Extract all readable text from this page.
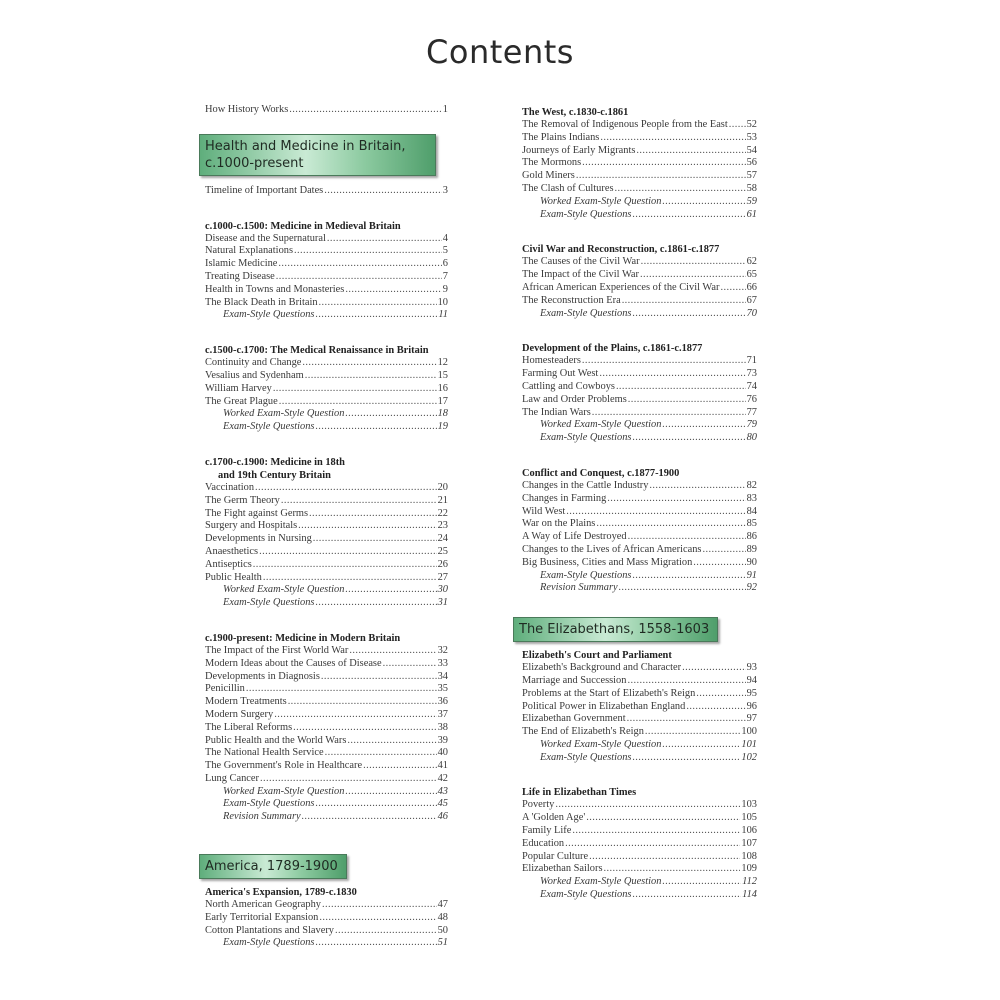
Contents
How History Works .....	1
Health and Medicine in Britain, c.1000-present
Timeline of Important Dates .....	3
c.1000-c.1500: Medicine in Medieval Britain
Disease and the Supernatural .....	4
Natural Explanations .....	5
Islamic Medicine .....	6
Treating Disease .....	7
Health in Towns and Monasteries .....	9
The Black Death in Britain .....	10
Exam-Style Questions .....	11
c.1500-c.1700: The Medical Renaissance in Britain
Continuity and Change .....	12
Vesalius and Sydenham .....	15
William Harvey .....	16
The Great Plague .....	17
Worked Exam-Style Question .....	18
Exam-Style Questions .....	19
c.1700-c.1900: Medicine in 18th
and 19th Century Britain
Vaccination .....	20
The Germ Theory .....	21
The Fight against Germs .....	22
Surgery and Hospitals .....	23
Developments in Nursing .....	24
Anaesthetics .....	25
Antiseptics .....	26
Public Health .....	27
Worked Exam-Style Question .....	30
Exam-Style Questions .....	31
c.1900-present: Medicine in Modern Britain
The Impact of the First World War .....	32
Modern Ideas about the Causes of Disease .....	33
Developments in Diagnosis .....	34
Penicillin .....	35
Modern Treatments .....	36
Modern Surgery .....	37
The Liberal Reforms .....	38
Public Health and the World Wars .....	39
The National Health Service .....	40
The Government's Role in Healthcare .....	41
Lung Cancer .....	42
Worked Exam-Style Question .....	43
Exam-Style Questions .....	45
Revision Summary .....	46
America, 1789-1900
America's Expansion, 1789-c.1830
North American Geography .....	47
Early Territorial Expansion .....	48
Cotton Plantations and Slavery .....	50
Exam-Style Questions .....	51
The West, c.1830-c.1861
The Removal of Indigenous People from the East ..... 52
The Plains Indians .....	53
Journeys of Early Migrants .....	54
The Mormons .....	56
Gold Miners .....	57
The Clash of Cultures .....	58
Worked Exam-Style Question .....	59
Exam-Style Questions .....	61
Civil War and Reconstruction, c.1861-c.1877
The Causes of the Civil War .....	62
The Impact of the Civil War .....	65
African American Experiences of the Civil War .....	66
The Reconstruction Era .....	67
Exam-Style Questions .....	70
Development of the Plains, c.1861-c.1877
Homesteaders .....	71
Farming Out West .....	73
Cattling and Cowboys .....	74
Law and Order Problems .....	76
The Indian Wars .....	77
Worked Exam-Style Question .....	79
Exam-Style Questions .....	80
Conflict and Conquest, c.1877-1900
Changes in the Cattle Industry .....	82
Changes in Farming .....	83
Wild West .....	84
War on the Plains .....	85
A Way of Life Destroyed .....	86
Changes to the Lives of African Americans .....	89
Big Business, Cities and Mass Migration .....	90
Exam-Style Questions .....	91
Revision Summary .....	92
The Elizabethans, 1558-1603
Elizabeth's Court and Parliament
Elizabeth's Background and Character .....	93
Marriage and Succession .....	94
Problems at the Start of Elizabeth's Reign .....	95
Political Power in Elizabethan England .....	96
Elizabethan Government .....	97
The End of Elizabeth's Reign .....	100
Worked Exam-Style Question .....	101
Exam-Style Questions .....	102
Life in Elizabethan Times
Poverty .....	103
A 'Golden Age' .....	105
Family Life .....	106
Education .....	107
Popular Culture .....	108
Elizabethan Sailors .....	109
Worked Exam-Style Question .....	112
Exam-Style Questions .....	114
